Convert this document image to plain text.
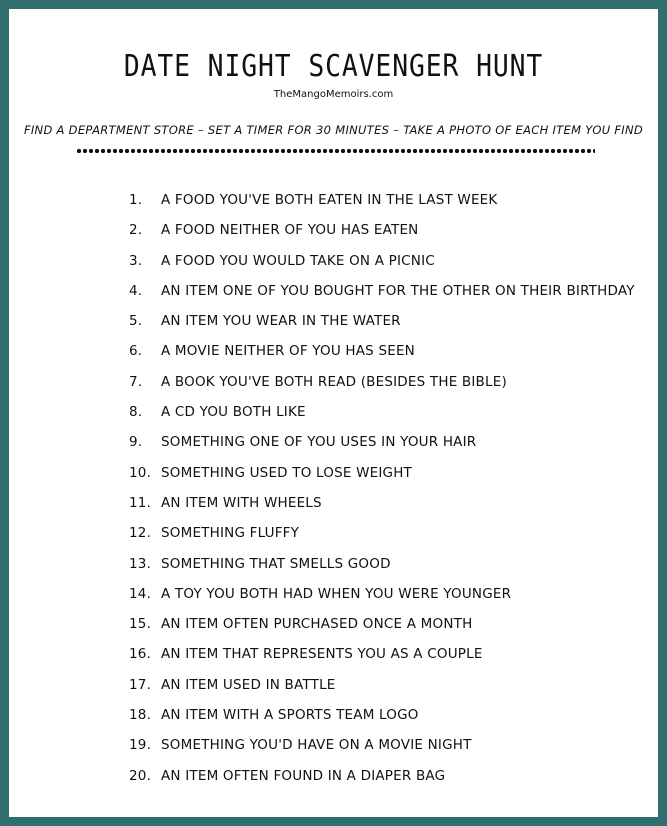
DATE NIGHT SCAVENGER HUNT
TheMangoMemoirs.com
FIND A DEPARTMENT STORE – SET A TIMER FOR 30 MINUTES – TAKE A PHOTO OF EACH ITEM YOU FIND
1. A FOOD YOU'VE BOTH EATEN IN THE LAST WEEK
2. A FOOD NEITHER OF YOU HAS EATEN
3. A FOOD YOU WOULD TAKE ON A PICNIC
4. AN ITEM ONE OF YOU BOUGHT FOR THE OTHER ON THEIR BIRTHDAY
5. AN ITEM YOU WEAR IN THE WATER
6. A MOVIE NEITHER OF YOU HAS SEEN
7. A BOOK YOU'VE BOTH READ (BESIDES THE BIBLE)
8. A CD YOU BOTH LIKE
9. SOMETHING ONE OF YOU USES IN YOUR HAIR
10. SOMETHING USED TO LOSE WEIGHT
11. AN ITEM WITH WHEELS
12. SOMETHING FLUFFY
13. SOMETHING THAT SMELLS GOOD
14. A TOY YOU BOTH HAD WHEN YOU WERE YOUNGER
15. AN ITEM OFTEN PURCHASED ONCE A MONTH
16. AN ITEM THAT REPRESENTS YOU AS A COUPLE
17. AN ITEM USED IN BATTLE
18. AN ITEM WITH A SPORTS TEAM LOGO
19. SOMETHING YOU'D HAVE ON A MOVIE NIGHT
20. AN ITEM OFTEN FOUND IN A DIAPER BAG
